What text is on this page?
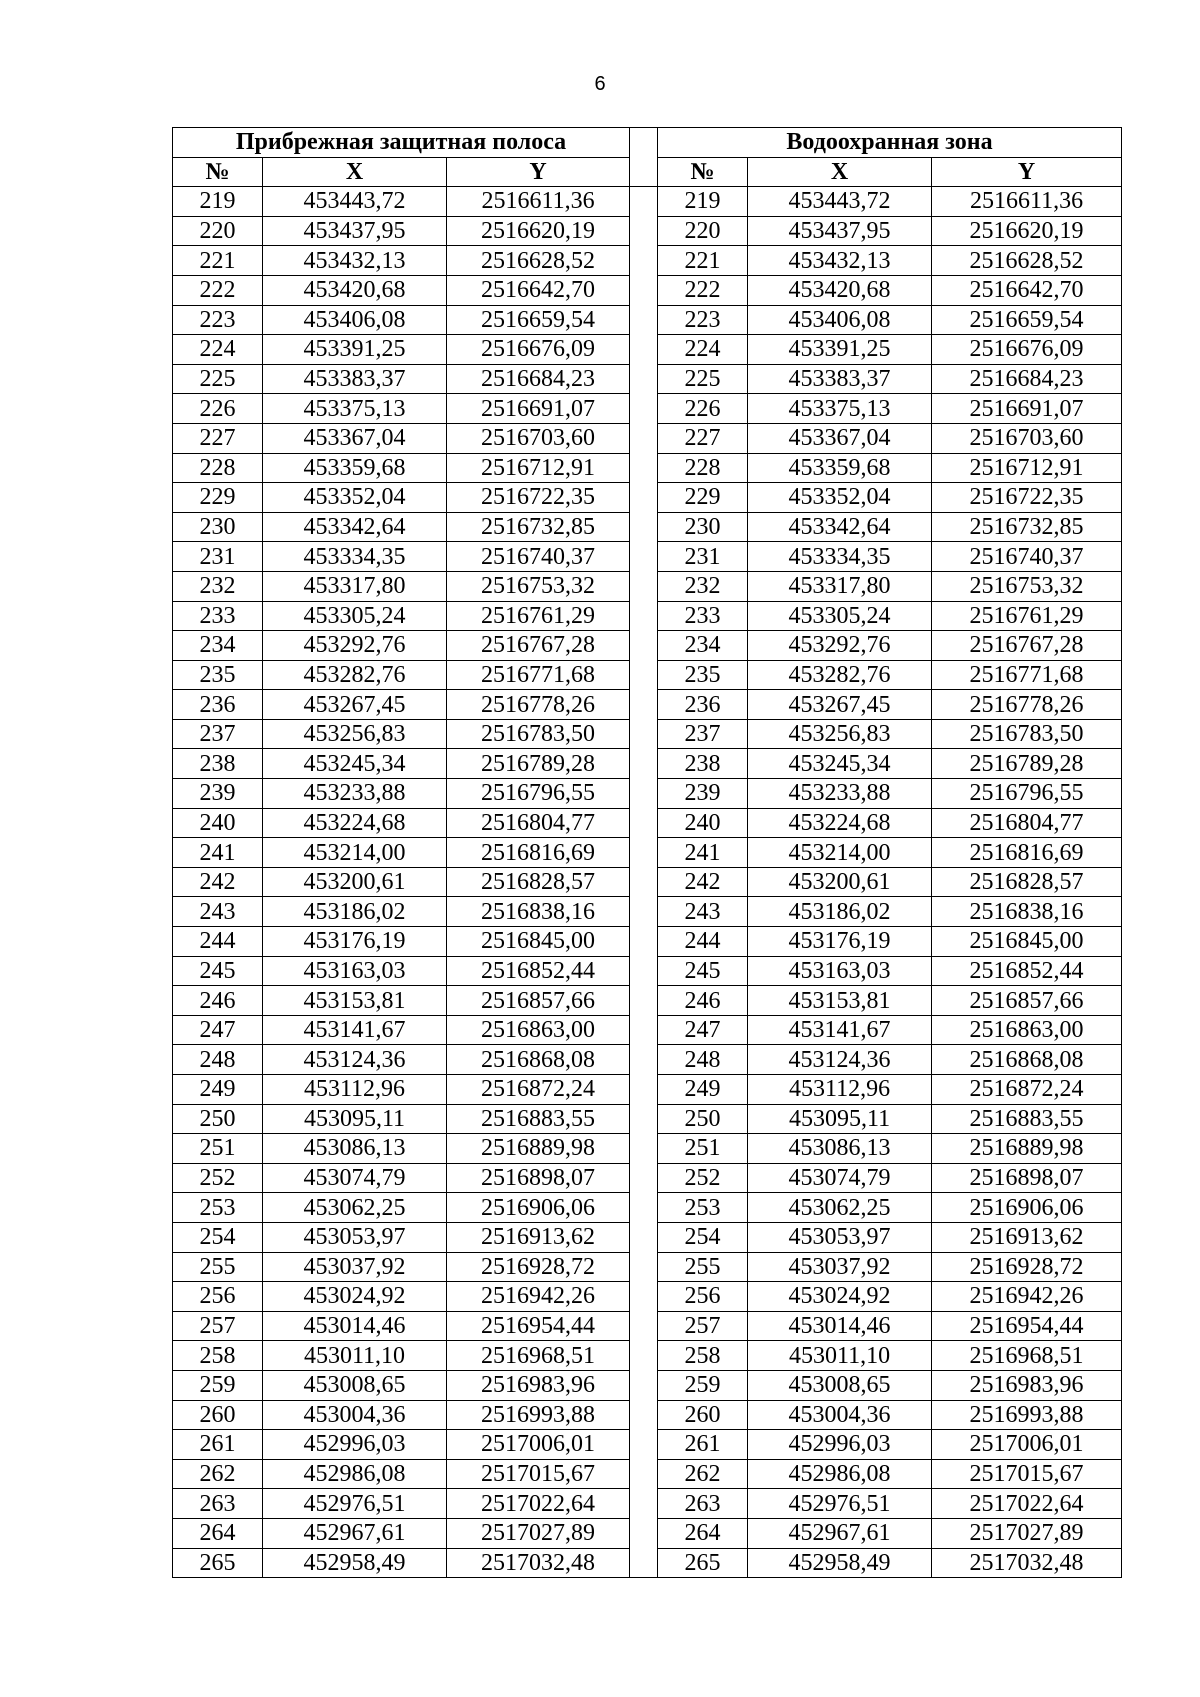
6
Прибрежная защитная полоса				Водоохранная зона		
№	X	Y		№	X	Y
219	453443,72	2516611,36		219	453443,72	2516611,36
220	453437,95	2516620,19		220	453437,95	2516620,19
221	453432,13	2516628,52		221	453432,13	2516628,52
222	453420,68	2516642,70		222	453420,68	2516642,70
223	453406,08	2516659,54		223	453406,08	2516659,54
224	453391,25	2516676,09		224	453391,25	2516676,09
225	453383,37	2516684,23		225	453383,37	2516684,23
226	453375,13	2516691,07		226	453375,13	2516691,07
227	453367,04	2516703,60		227	453367,04	2516703,60
228	453359,68	2516712,91		228	453359,68	2516712,91
229	453352,04	2516722,35		229	453352,04	2516722,35
230	453342,64	2516732,85		230	453342,64	2516732,85
231	453334,35	2516740,37		231	453334,35	2516740,37
232	453317,80	2516753,32		232	453317,80	2516753,32
233	453305,24	2516761,29		233	453305,24	2516761,29
234	453292,76	2516767,28		234	453292,76	2516767,28
235	453282,76	2516771,68		235	453282,76	2516771,68
236	453267,45	2516778,26		236	453267,45	2516778,26
237	453256,83	2516783,50		237	453256,83	2516783,50
238	453245,34	2516789,28		238	453245,34	2516789,28
239	453233,88	2516796,55		239	453233,88	2516796,55
240	453224,68	2516804,77		240	453224,68	2516804,77
241	453214,00	2516816,69		241	453214,00	2516816,69
242	453200,61	2516828,57		242	453200,61	2516828,57
243	453186,02	2516838,16		243	453186,02	2516838,16
244	453176,19	2516845,00		244	453176,19	2516845,00
245	453163,03	2516852,44		245	453163,03	2516852,44
246	453153,81	2516857,66		246	453153,81	2516857,66
247	453141,67	2516863,00		247	453141,67	2516863,00
248	453124,36	2516868,08		248	453124,36	2516868,08
249	453112,96	2516872,24		249	453112,96	2516872,24
250	453095,11	2516883,55		250	453095,11	2516883,55
251	453086,13	2516889,98		251	453086,13	2516889,98
252	453074,79	2516898,07		252	453074,79	2516898,07
253	453062,25	2516906,06		253	453062,25	2516906,06
254	453053,97	2516913,62		254	453053,97	2516913,62
255	453037,92	2516928,72		255	453037,92	2516928,72
256	453024,92	2516942,26		256	453024,92	2516942,26
257	453014,46	2516954,44		257	453014,46	2516954,44
258	453011,10	2516968,51		258	453011,10	2516968,51
259	453008,65	2516983,96		259	453008,65	2516983,96
260	453004,36	2516993,88		260	453004,36	2516993,88
261	452996,03	2517006,01		261	452996,03	2517006,01
262	452986,08	2517015,67		262	452986,08	2517015,67
263	452976,51	2517022,64		263	452976,51	2517022,64
264	452967,61	2517027,89		264	452967,61	2517027,89
265	452958,49	2517032,48		265	452958,49	2517032,48
